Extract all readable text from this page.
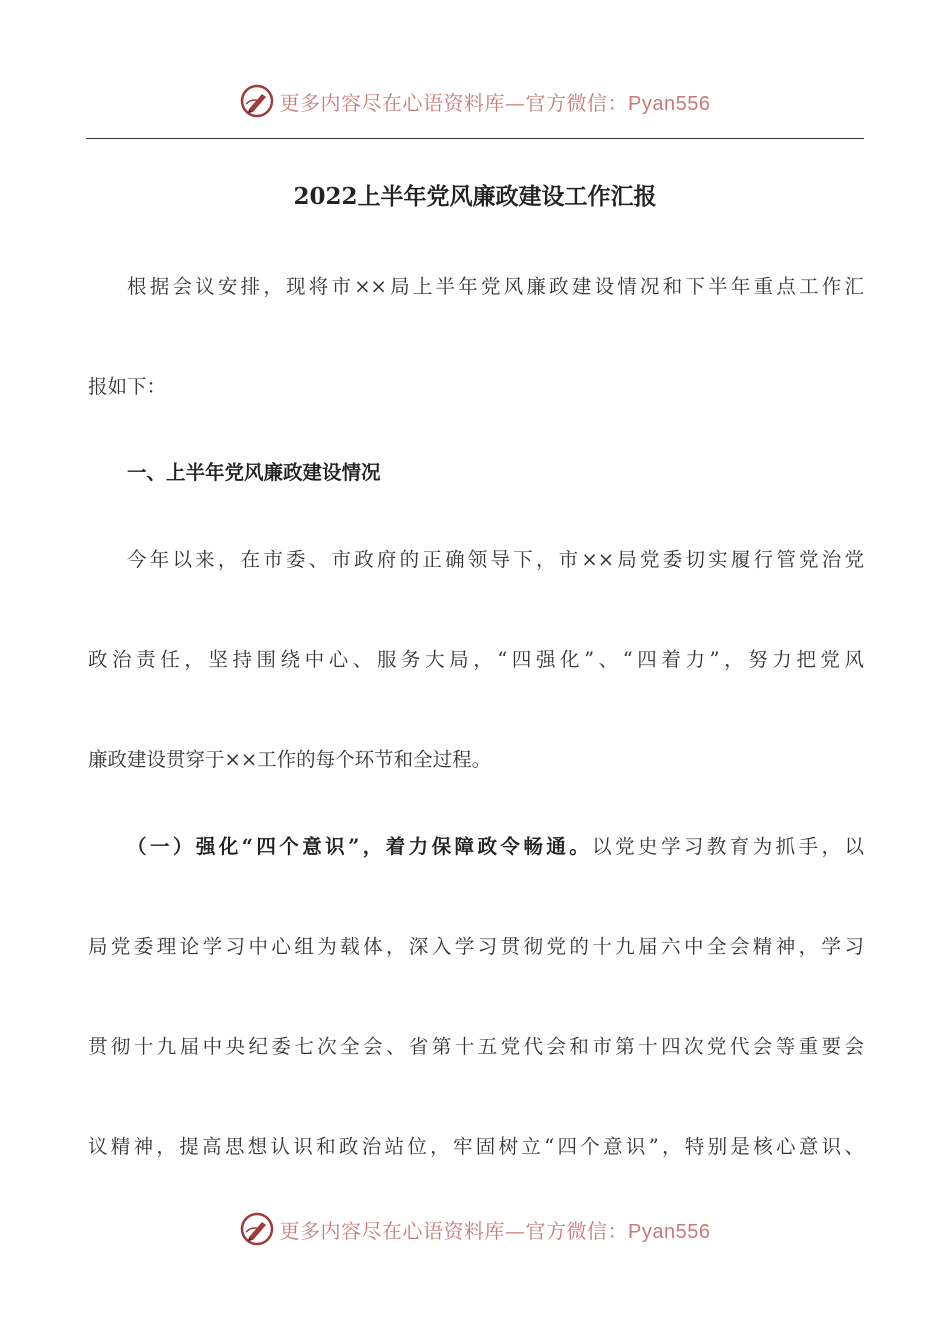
更多内容尽在心语资料库—官方微信：Pyan556
2022上半年党风廉政建设工作汇报

根据会议安排，现将市××局上半年党风廉政建设情况和下半年重点工作汇

报如下：

一、上半年党风廉政建设情况

今年以来，在市委、市政府的正确领导下，市××局党委切实履行管党治党

政治责任，坚持围绕中心、服务大局，“四强化”、“四着力”，努力把党风

廉政建设贯穿于××工作的每个环节和全过程。

（一）强化“四个意识”，着力保障政令畅通。以党史学习教育为抓手，以

局党委理论学习中心组为载体，深入学习贯彻党的十九届六中全会精神，学习

贯彻十九届中央纪委七次全会、省第十五党代会和市第十四次党代会等重要会

议精神，提高思想认识和政治站位，牢固树立“四个意识”，特别是核心意识、

更多内容尽在心语资料库—官方微信：Pyan556
